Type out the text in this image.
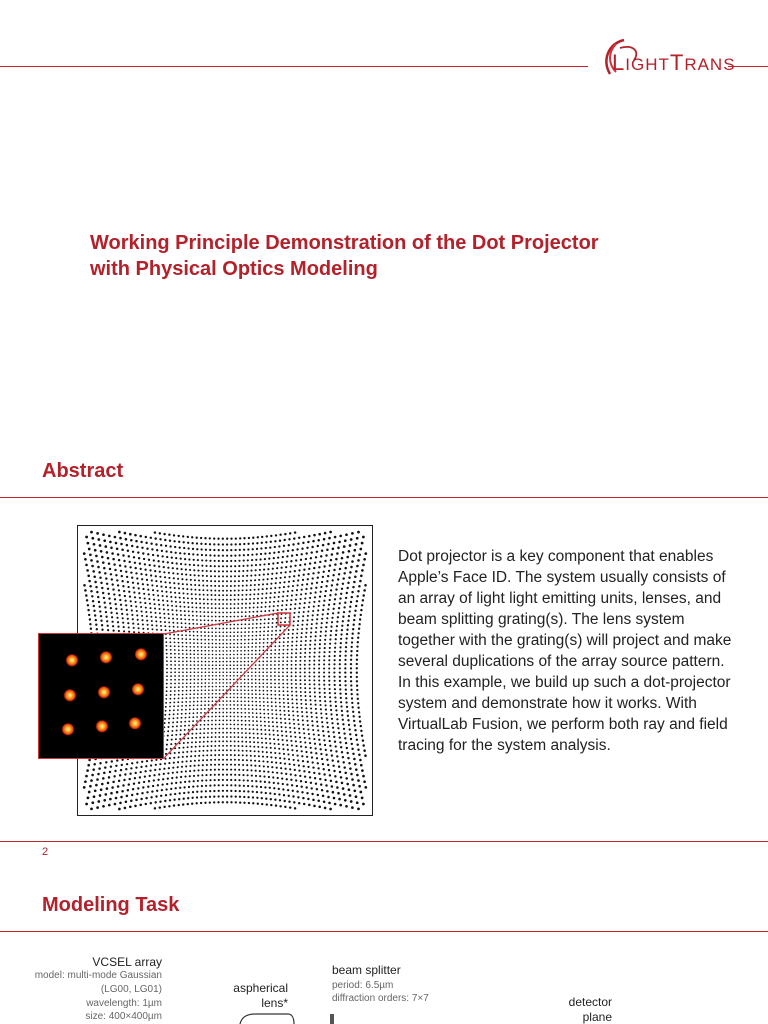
LIGHTTRANS
Working Principle Demonstration of the Dot Projector
with Physical Optics Modeling
Abstract
Dot projector is a key component that enables Apple’s Face ID. The system usually consists of an array of light light emitting units, lenses, and beam splitting grating(s). The lens system together with the grating(s) will project and make several duplications of the array source pattern. In this example, we build up such a dot-projector system and demonstrate how it works. With VirtualLab Fusion, we perform both ray and field tracing for the system analysis.
2
Modeling Task
VCSEL array
model: multi-mode Gaussian
(LG00, LG01)
wavelength: 1µm
size: 400×400µm
aspherical
lens*
beam splitter
period: 6.5µm
diffraction orders: 7×7	detector
plane
